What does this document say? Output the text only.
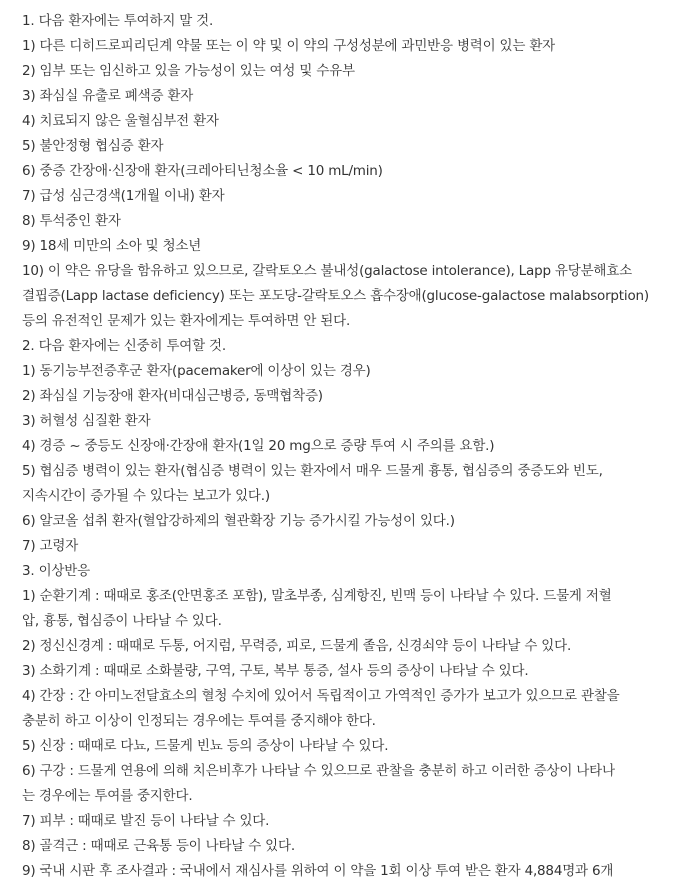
1. 다음 환자에는 투여하지 말 것.
1) 다른 디히드로피리딘계 약물 또는 이 약 및 이 약의 구성성분에 과민반응 병력이 있는 환자
2) 임부 또는 임신하고 있을 가능성이 있는 여성 및 수유부
3) 좌심실 유출로 폐색증 환자
4) 치료되지 않은 울혈심부전 환자
5) 불안정형 협심증 환자
6) 중증 간장애·신장애 환자(크레아티닌청소율 < 10 mL/min)
7) 급성 심근경색(1개월 이내) 환자
8) 투석중인 환자
9) 18세 미만의 소아 및 청소년
10) 이 약은 유당을 함유하고 있으므로, 갈락토오스 불내성(galactose intolerance), Lapp 유당분해효소
결핍증(Lapp lactase deficiency) 또는 포도당-갈락토오스 흡수장애(glucose-galactose malabsorption)
등의 유전적인 문제가 있는 환자에게는 투여하면 안 된다.
2. 다음 환자에는 신중히 투여할 것.
1) 동기능부전증후군 환자(pacemaker에 이상이 있는 경우)
2) 좌심실 기능장애 환자(비대심근병증, 동맥협착증)
3) 허혈성 심질환 환자
4) 경증 ~ 중등도 신장애·간장애 환자(1일 20 mg으로 증량 투여 시 주의를 요함.)
5) 협심증 병력이 있는 환자(협심증 병력이 있는 환자에서 매우 드물게 흉통, 협심증의 중증도와 빈도,
지속시간이 증가될 수 있다는 보고가 있다.)
6) 알코올 섭취 환자(혈압강하제의 혈관확장 기능 증가시킬 가능성이 있다.)
7) 고령자
3. 이상반응
1) 순환기계 : 때때로 홍조(안면홍조 포함), 말초부종, 심계항진, 빈맥 등이 나타날 수 있다. 드물게 저혈
압, 흉통, 협심증이 나타날 수 있다.
2) 정신신경계 : 때때로 두통, 어지럼, 무력증, 피로, 드물게 졸음, 신경쇠약 등이 나타날 수 있다.
3) 소화기계 : 때때로 소화불량, 구역, 구토, 복부 통증, 설사 등의 증상이 나타날 수 있다.
4) 간장 : 간 아미노전달효소의 혈청 수치에 있어서 독립적이고 가역적인 증가가 보고가 있으므로 관찰을
충분히 하고 이상이 인정되는 경우에는 투여를 중지해야 한다.
5) 신장 : 때때로 다뇨, 드물게 빈뇨 등의 증상이 나타날 수 있다.
6) 구강 : 드물게 연용에 의해 치은비후가 나타날 수 있으므로 관찰을 충분히 하고 이러한 증상이 나타나
는 경우에는 투여를 중지한다.
7) 피부 : 때때로 발진 등이 나타날 수 있다.
8) 골격근 : 때때로 근육통 등이 나타날 수 있다.
9) 국내 시판 후 조사결과 : 국내에서 재심사를 위하여 이 약을 1회 이상 투여 받은 환자 4,884명과 6개
